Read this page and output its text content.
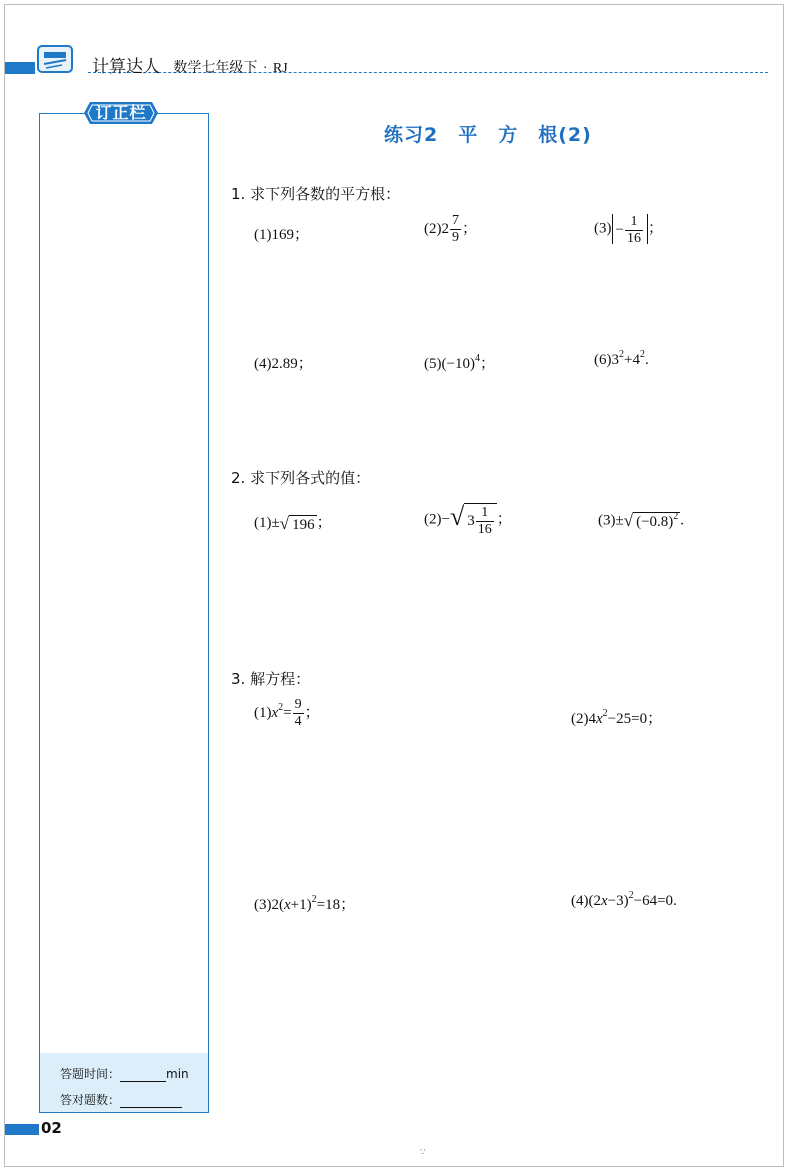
计算达人 数学七年级下 · RJ
订正栏
答题时间：	min
答对题数：
02
∵
练习2　平　方　根(2)
1. 求下列各数的平方根：
(1)169；	$(2)2 \frac{7}{9}$ ；	$(3) - \frac{1}{16}$ ；
(4)2.89；	$(5)(-10)^4$；	$(6)3^2+4^2$.
2. 求下列各式的值：
(1)±√ 196 ；	(2)−√ $3 \frac{1}{16}$ ；	(3)±√ $(-0.8)^2$ .
3. 解方程：
$(1)x^2= \frac{9}{4}$ ；	$(2)4x^2-25=0$；
$(3)2(x+1)^2=18$；	$(4)(2x-3)^2-64=0$.
